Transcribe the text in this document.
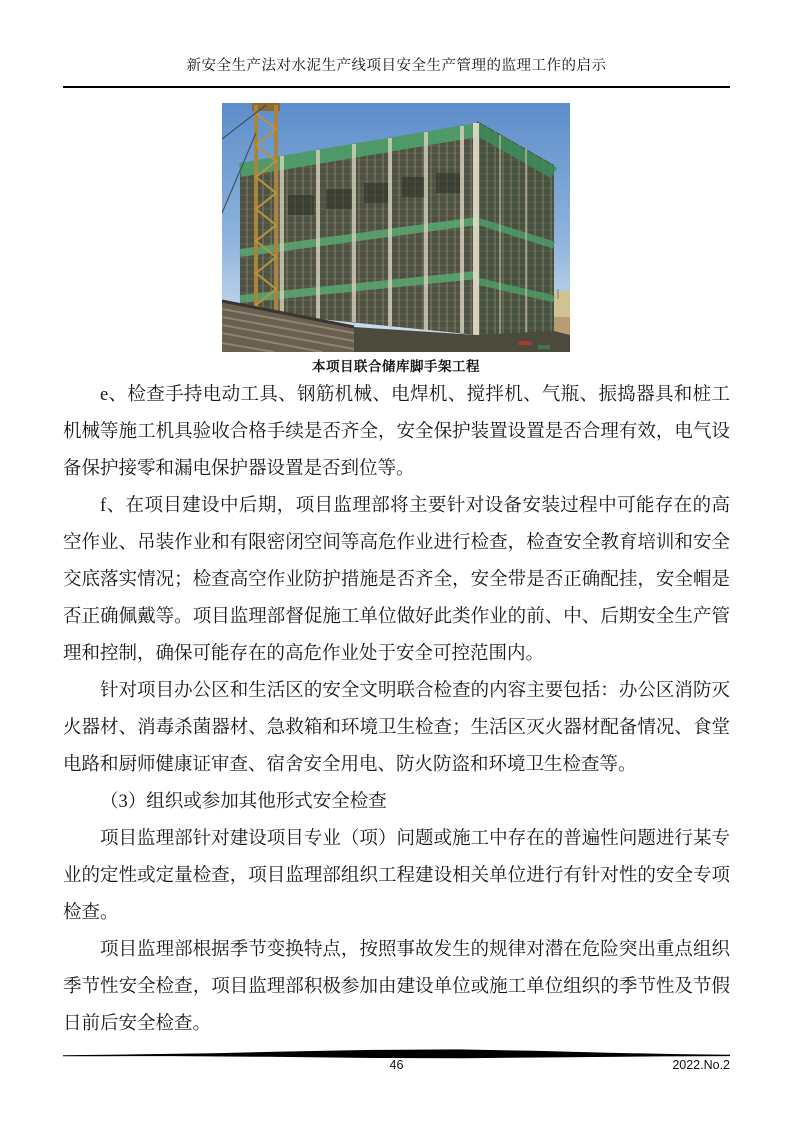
新安全生产法对水泥生产线项目安全生产管理的监理工作的启示
本项目联合储库脚手架工程

e、检查手持电动工具、钢筋机械、电焊机、搅拌机、气瓶、振捣器具和桩工机械等施工机具验收合格手续是否齐全，安全保护装置设置是否合理有效，电气设备保护接零和漏电保护器设置是否到位等。

f、在项目建设中后期，项目监理部将主要针对设备安装过程中可能存在的高空作业、吊装作业和有限密闭空间等高危作业进行检查，检查安全教育培训和安全交底落实情况；检查高空作业防护措施是否齐全，安全带是否正确配挂，安全帽是否正确佩戴等。项目监理部督促施工单位做好此类作业的前、中、后期安全生产管理和控制，确保可能存在的高危作业处于安全可控范围内。

针对项目办公区和生活区的安全文明联合检查的内容主要包括：办公区消防灭火器材、消毒杀菌器材、急救箱和环境卫生检查；生活区灭火器材配备情况、食堂电路和厨师健康证审查、宿舍安全用电、防火防盗和环境卫生检查等。

（3）组织或参加其他形式安全检查

项目监理部针对建设项目专业（项）问题或施工中存在的普遍性问题进行某专业的定性或定量检查，项目监理部组织工程建设相关单位进行有针对性的安全专项检查。

项目监理部根据季节变换特点，按照事故发生的规律对潜在危险突出重点组织季节性安全检查，项目监理部积极参加由建设单位或施工单位组织的季节性及节假日前后安全检查。

46	2022.No.2
